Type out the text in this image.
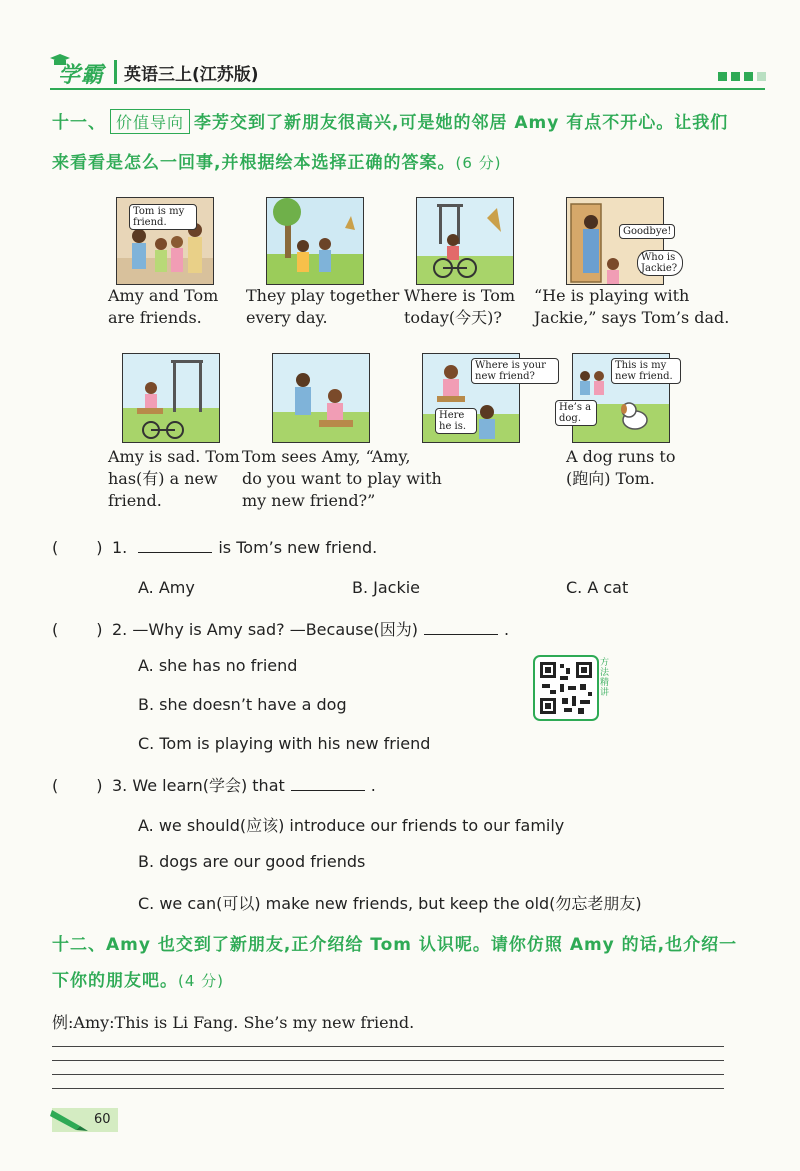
学霸 英语三上(江苏版)
十一、 价值导向 李芳交到了新朋友很高兴,可是她的邻居 Amy 有点不开心。让我们
来看看是怎么一回事,并根据绘本选择正确的答案。(6 分)
Tom is my friend.
Amy and Tom
are friends.
They play together
every day.
Where is Tom
today(今天)?
Goodbye!
Who is Jackie?
“He is playing with
Jackie,” says Tom’s dad.
Amy is sad. Tom
has(有) a new
friend.
Tom sees Amy, “Amy,
do you want to play with
my new friend?”
Where is your new friend?
Here he is.
This is my new friend.
He’s a dog.
A dog runs to
(跑向) Tom.
( ) 1.	is Tom’s new friend.
A. Amy	B. Jackie	C. A cat
( ) 2. —Why is Amy sad? —Because(因为)	.
A. she has no friend
B. she doesn’t have a dog
C. Tom is playing with his new friend
方法精讲
( ) 3. We learn(学会) that	.
A. we should(应该) introduce our friends to our family
B. dogs are our good friends
C. we can(可以) make new friends, but keep the old(勿忘老朋友)
十二、Amy 也交到了新朋友,正介绍给 Tom 认识呢。请你仿照 Amy 的话,也介绍一
下你的朋友吧。(4 分)
例:Amy:This is Li Fang. She’s my new friend.
60
